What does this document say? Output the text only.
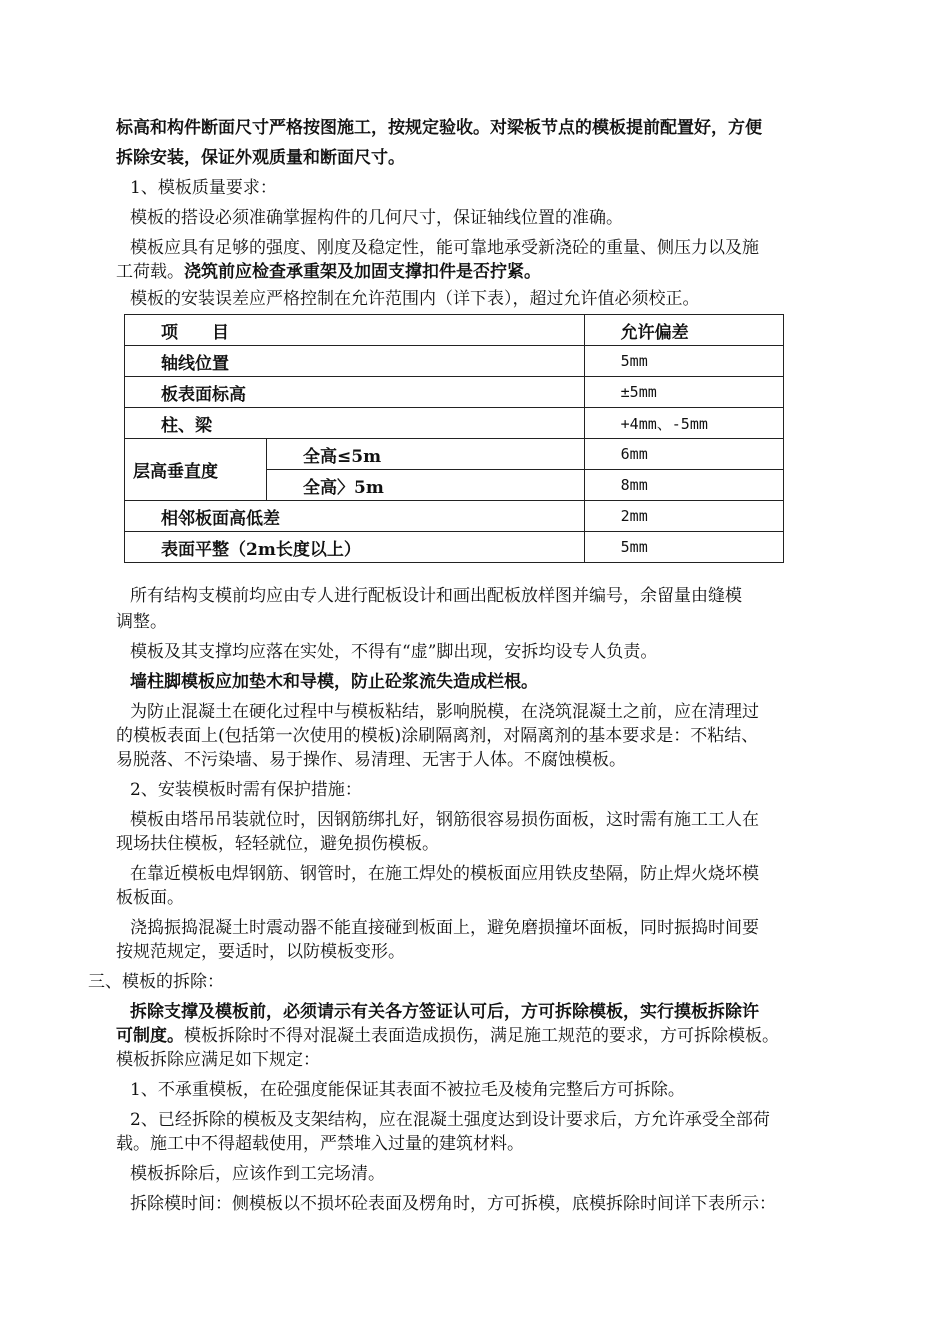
标高和构件断面尺寸严格按图施工，按规定验收。对梁板节点的模板提前配置好，方便

拆除安装，保证外观质量和断面尺寸。

1、模板质量要求：

模板的搭设必须准确掌握构件的几何尺寸，保证轴线位置的准确。

模板应具有足够的强度、刚度及稳定性，能可靠地承受新浇砼的重量、侧压力以及施

工荷载。浇筑前应检查承重架及加固支撑扣件是否拧紧。

模板的安装误差应严格控制在允许范围内（详下表），超过允许值必须校正。

项　　目		允许偏差
轴线位置		5mm
板表面标高		±5mm
柱、梁		+4mm、-5mm
层高垂直度	全高≤5m	6mm
	全高〉5m	8mm
相邻板面高低差		2mm
表面平整（2m长度以上）		5mm

所有结构支模前均应由专人进行配板设计和画出配板放样图并编号，余留量由缝模

调整。

模板及其支撑均应落在实处，不得有“虚”脚出现，安拆均设专人负责。

墙柱脚模板应加垫木和导模，防止砼浆流失造成栏根。

为防止混凝土在硬化过程中与模板粘结，影响脱模，在浇筑混凝土之前，应在清理过

的模板表面上(包括第一次使用的模板)涂刷隔离剂，对隔离剂的基本要求是：不粘结、

易脱落、不污染墙、易于操作、易清理、无害于人体。不腐蚀模板。

2、安装模板时需有保护措施：

模板由塔吊吊装就位时，因钢筋绑扎好，钢筋很容易损伤面板，这时需有施工工人在

现场扶住模板，轻轻就位，避免损伤模板。

在靠近模板电焊钢筋、钢管时，在施工焊处的模板面应用铁皮垫隔，防止焊火烧坏模

板板面。

浇捣振捣混凝土时震动器不能直接碰到板面上，避免磨损撞坏面板，同时振捣时间要

按规范规定，要适时，以防模板变形。

三、模板的拆除：

拆除支撑及模板前，必须请示有关各方签证认可后，方可拆除模板，实行摸板拆除许

可制度。模板拆除时不得对混凝土表面造成损伤，满足施工规范的要求，方可拆除模板。

模板拆除应满足如下规定：

1、不承重模板，在砼强度能保证其表面不被拉毛及棱角完整后方可拆除。

2、已经拆除的模板及支架结构，应在混凝土强度达到设计要求后，方允许承受全部荷

载。施工中不得超载使用，严禁堆入过量的建筑材料。

模板拆除后，应该作到工完场清。

拆除模时间：侧模板以不损坏砼表面及楞角时，方可拆模，底模拆除时间详下表所示：
